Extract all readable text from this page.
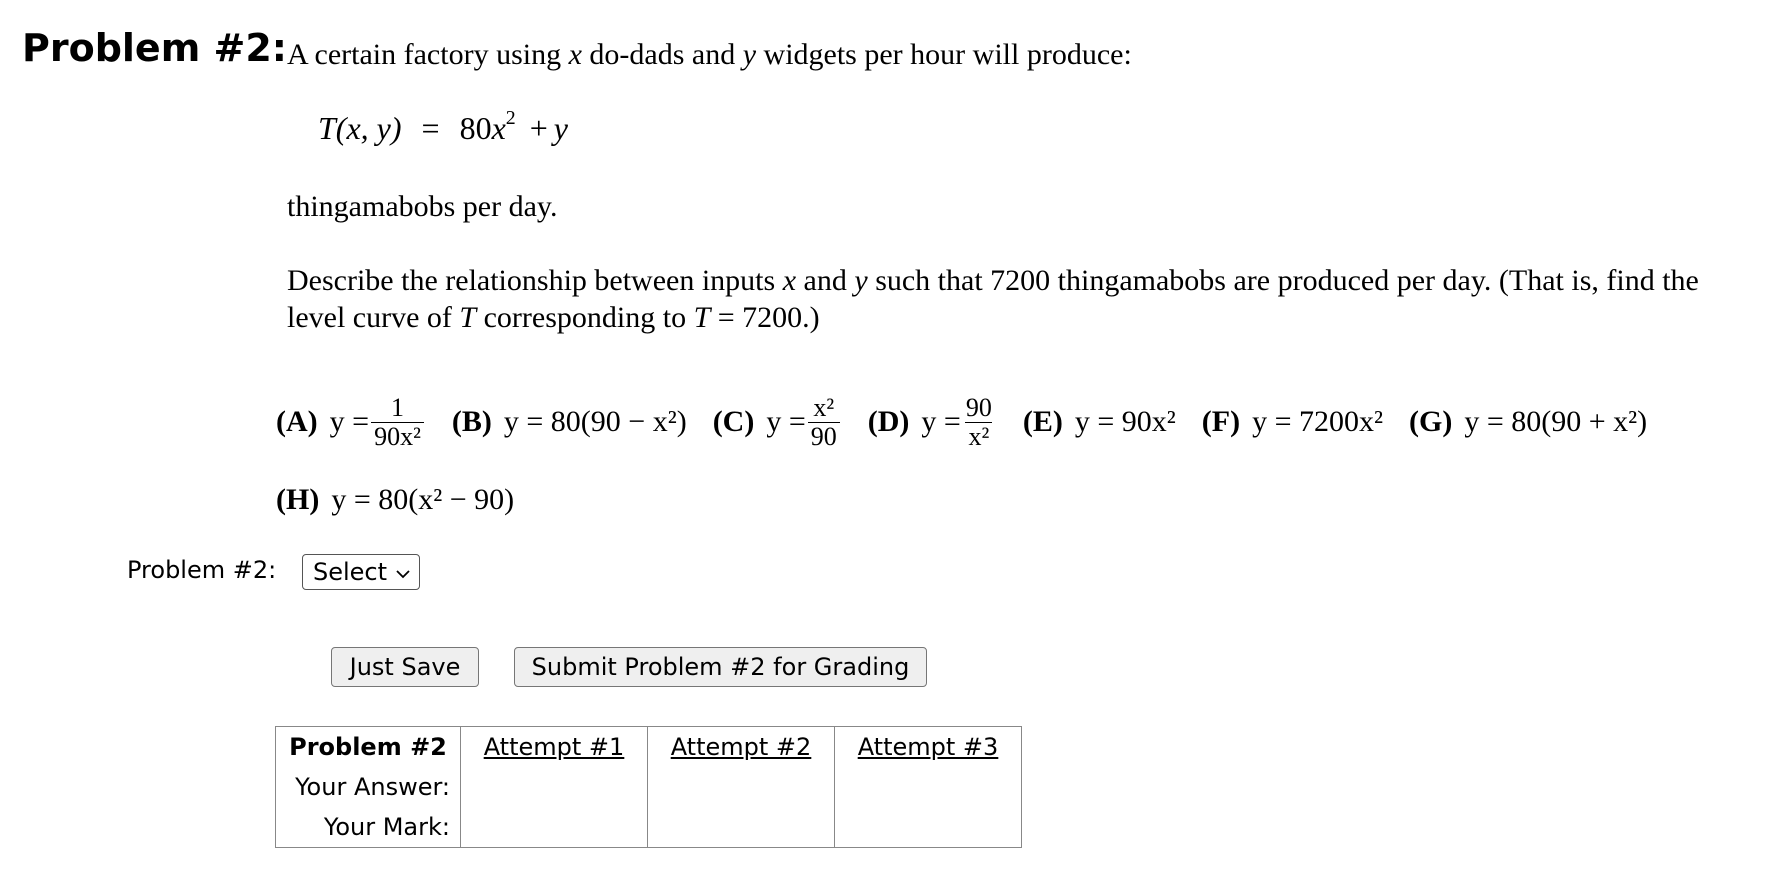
Problem #2: A certain factory using x do-dads and y widgets per hour will produce:
T(x, $y) = 80x^2 + y$
thingamabobs per day.
Describe the relationship between inputs x and y such that 7200 thingamabobs are produced per day. (That is, find the level curve of T corresponding to T = 7200.)
(A) $y = \frac{1}{\text{90x²}} (B) y = 80(90 - x^2)$ (C) $y = \frac{\text{x²}}{90} (D) y = \frac{90}{\text{x²}} (E) y = 90x^2$ (F) y = 7200x² (G) y = 80(90 + x²)
(H) y = 80(x² − 90)
Problem #2: Select
Just Save	Submit Problem #2 for Grading
Problem #2	Attempt #1	Attempt #2	Attempt #3
Your Answer:			
Your Mark:			
